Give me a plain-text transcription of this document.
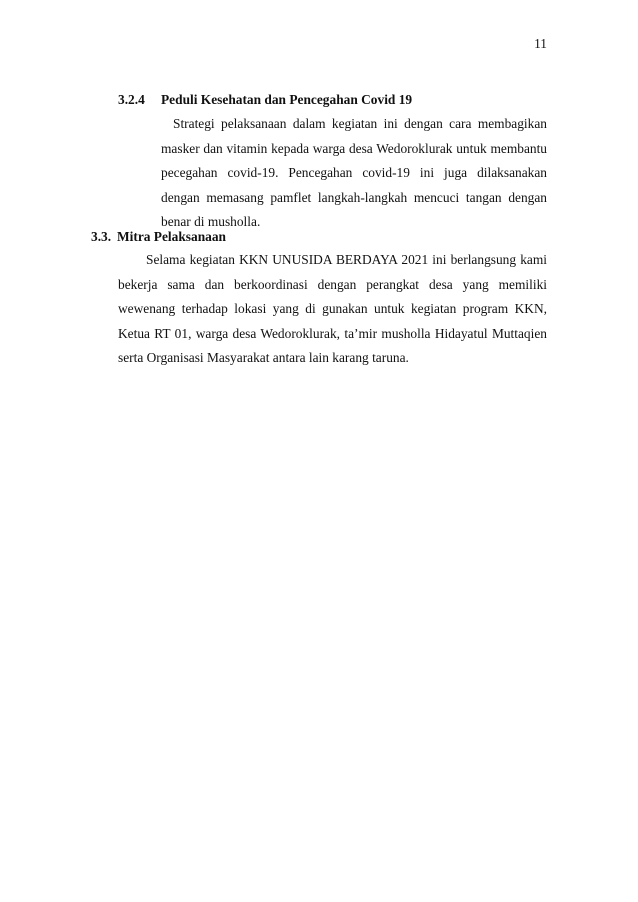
11
3.2.4 Peduli Kesehatan dan Pencegahan Covid 19

Strategi pelaksanaan dalam kegiatan ini dengan cara membagikan masker dan vitamin kepada warga desa Wedoroklurak untuk membantu pecegahan covid-19. Pencegahan covid-19 ini juga dilaksanakan dengan memasang pamflet langkah-langkah mencuci tangan dengan benar di musholla.

3.3. Mitra Pelaksanaan

Selama kegiatan KKN UNUSIDA BERDAYA 2021 ini berlangsung kami bekerja sama dan berkoordinasi dengan perangkat desa yang memiliki wewenang terhadap lokasi yang di gunakan untuk kegiatan program KKN, Ketua RT 01, warga desa Wedoroklurak, ta’mir musholla Hidayatul Muttaqien serta Organisasi Masyarakat antara lain karang taruna.
